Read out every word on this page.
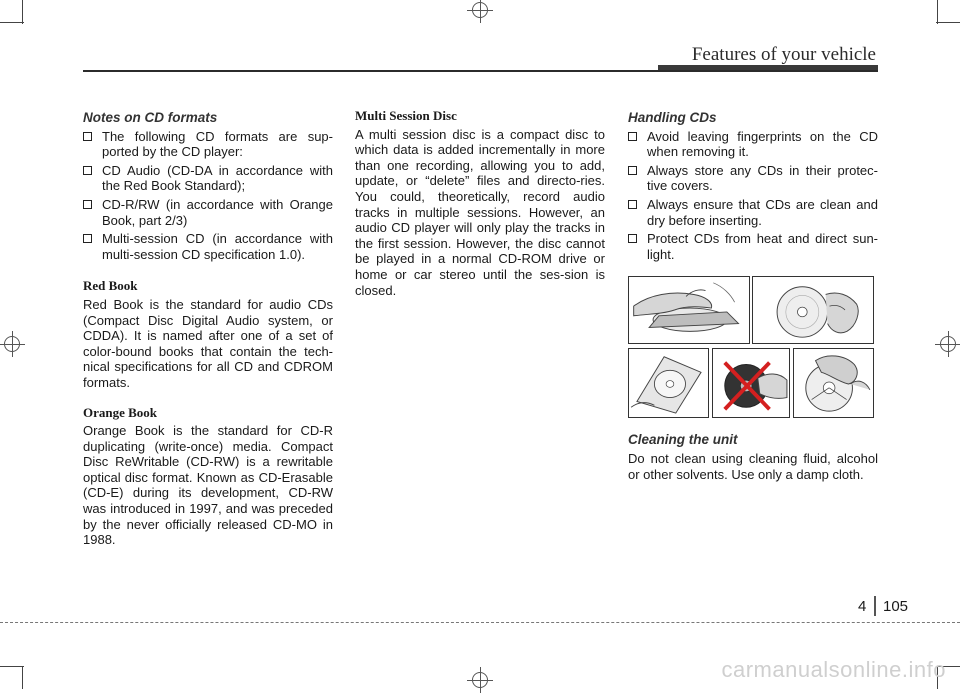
Features of your vehicle
Notes on CD formats
The following CD formats are sup-ported by the CD player:
CD Audio (CD-DA in accordance with the Red Book Standard);
CD-R/RW (in accordance with Orange Book, part 2/3)
Multi-session CD (in accordance with multi-session CD specification 1.0).
Red Book
Red Book is the standard for audio CDs (Compact Disc Digital Audio system, or CDDA). It is named after one of a set of color-bound books that contain the tech-nical specifications for all CD and CDROM formats.
Orange Book
Orange Book is the standard for CD-R duplicating (write-once) media. Compact Disc ReWritable (CD-RW) is a rewritable optical disc format. Known as CD-Erasable (CD-E) during its development, CD-RW was introduced in 1997, and was preceded by the never officially released CD-MO in 1988.
Multi Session Disc
A multi session disc is a compact disc to which data is added incrementally in more than one recording, allowing you to add, update, or “delete” files and directo-ries. You could, theoretically, record audio tracks in multiple sessions. However, an audio CD player will only play the tracks in the first session. However, the disc cannot be played in a normal CD-ROM drive or home or car stereo until the ses-sion is closed.
Handling CDs
Avoid leaving fingerprints on the CD when removing it.
Always store any CDs in their protec-tive covers.
Always ensure that CDs are clean and dry before inserting.
Protect CDs from heat and direct sun-light.
Cleaning the unit
Do not clean using cleaning fluid, alcohol or other solvents. Use only a damp cloth.
4 105
carmanualsonline.info
